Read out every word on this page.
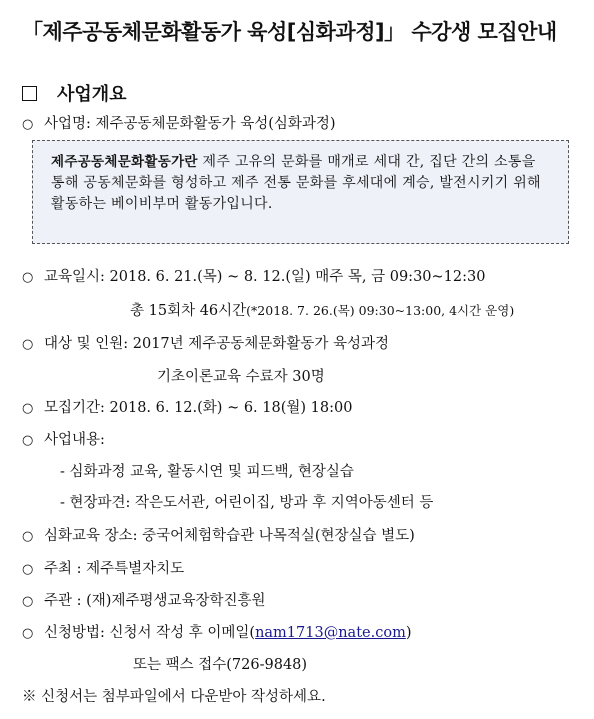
「제주공동체문화활동가 육성[심화과정]」 수강생 모집안내
사업개요
○ 사업명: 제주공동체문화활동가 육성(심화과정)
제주공동체문화활동가란 제주 고유의 문화를 매개로 세대 간, 집단 간의 소통을 통해 공동체문화를 형성하고 제주 전통 문화를 후세대에 계승, 발전시키기 위해 활동하는 베이비부머 활동가입니다.
○ 교육일시: 2018. 6. 21.(목) ~ 8. 12.(일) 매주 목, 금 09:30~12:30
총 15회차 46시간(*2018. 7. 26.(목) 09:30~13:00, 4시간 운영)
○ 대상 및 인원: 2017년 제주공동체문화활동가 육성과정
기초이론교육 수료자 30명
○ 모집기간: 2018. 6. 12.(화) ~ 6. 18(월) 18:00
○ 사업내용:
- 심화과정 교육, 활동시연 및 피드백, 현장실습
- 현장파견: 작은도서관, 어린이집, 방과 후 지역아동센터 등
○ 심화교육 장소: 중국어체험학습관 나목적실(현장실습 별도)
○ 주최 : 제주특별자치도
○ 주관 : (재)제주평생교육장학진흥원
○ 신청방법: 신청서 작성 후 이메일(nam1713@nate.com)
또는 팩스 접수(726-9848)
※ 신청서는 첨부파일에서 다운받아 작성하세요.
